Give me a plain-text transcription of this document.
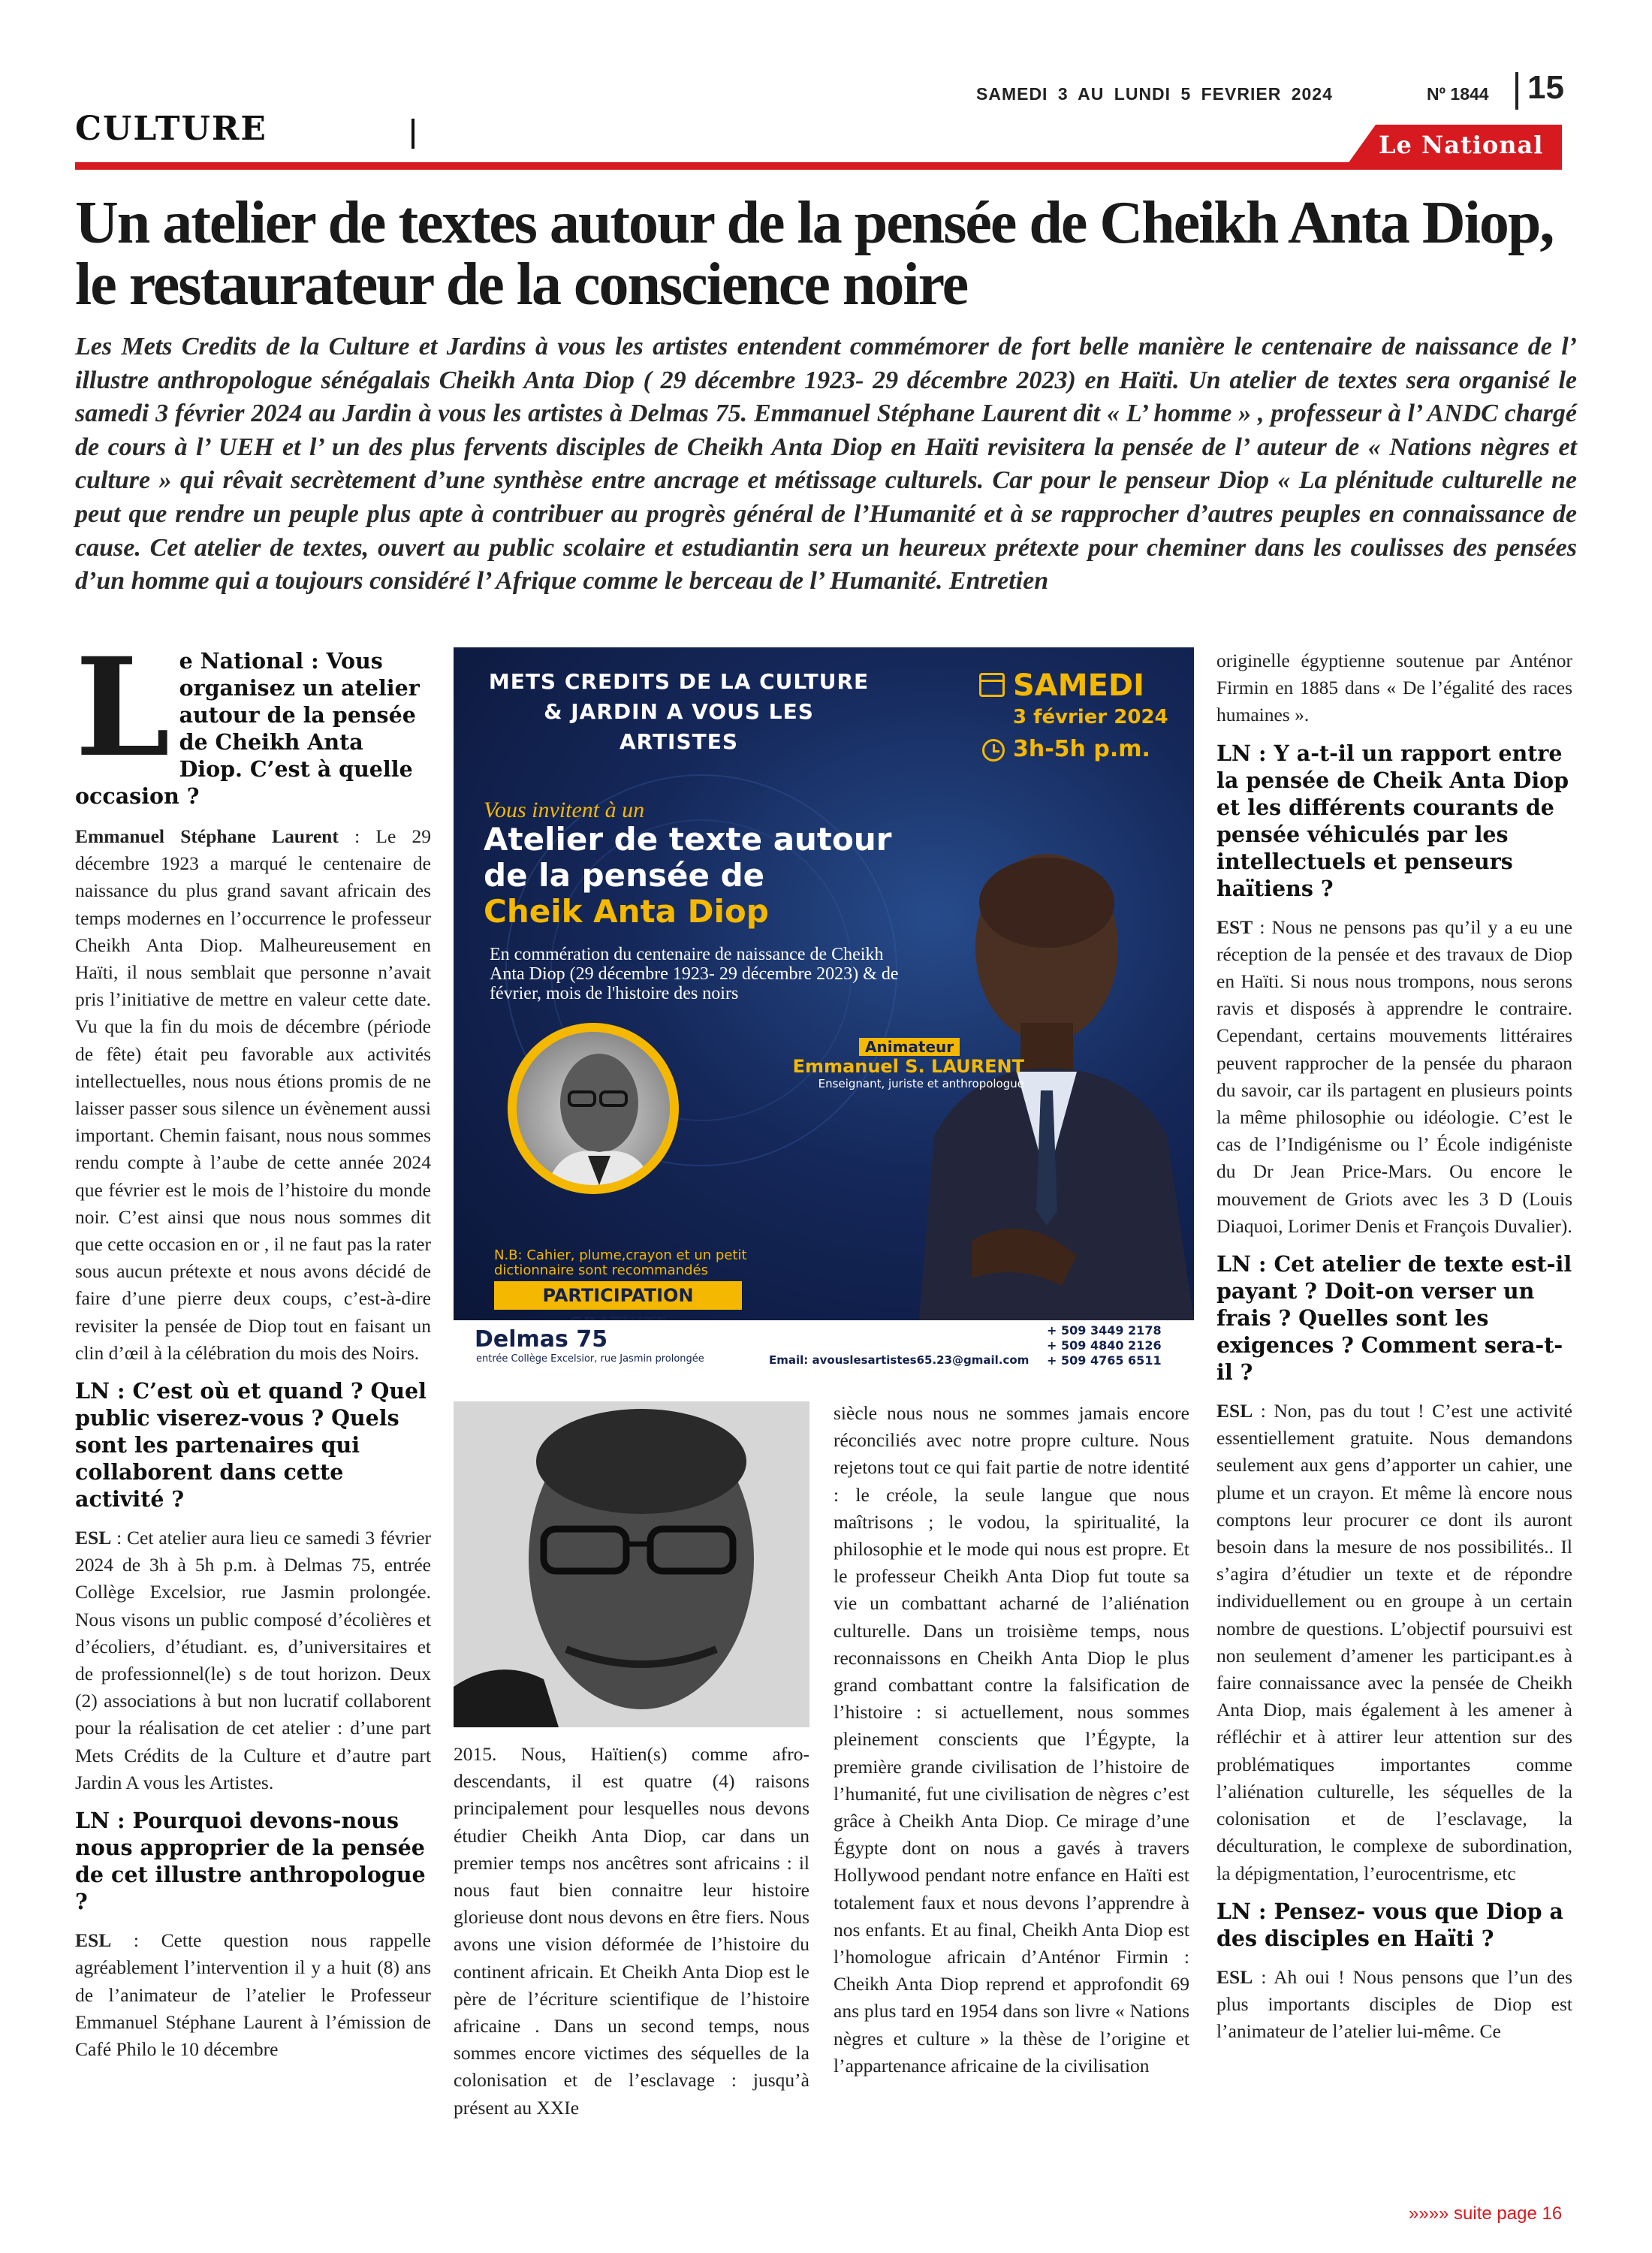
SAMEDI 3 AU LUNDI 5 FEVRIER 2024	Nº 1844 15
CULTURE	Le National
Un atelier de textes autour de la pensée de Cheikh Anta Diop, le restaurateur de la conscience noire

Les Mets Credits de la Culture et Jardins à vous les artistes entendent commémorer de fort belle manière le centenaire de naissance de l’ illustre anthropologue sénégalais Cheikh Anta Diop ( 29 décembre 1923- 29 décembre 2023) en Haïti. Un atelier de textes sera organisé le samedi 3 février 2024 au Jardin à vous les artistes à Delmas 75. Emmanuel Stéphane Laurent dit « L’ homme » , professeur à l’ ANDC chargé de cours à l’ UEH et l’ un des plus fervents disciples de Cheikh Anta Diop en Haïti revisitera la pensée de l’ auteur de « Nations nègres et culture » qui rêvait secrètement d’une synthèse entre ancrage et métissage culturels. Car pour le penseur Diop « La plénitude culturelle ne peut que rendre un peuple plus apte à contribuer au progrès général de l’Humanité et à se rapprocher d’autres peuples en connaissance de cause. Cet atelier de textes, ouvert au public scolaire et estudiantin sera un heureux prétexte pour cheminer dans les coulisses des pensées d’un homme qui a toujours considéré l’ Afrique comme le berceau de l’ Humanité. Entretien

Le National : Vous organisez un atelier autour de la pensée de Cheikh Anta Diop. C’est à quelle occasion ?

Emmanuel Stéphane Laurent : Le 29 décembre 1923 a marqué le centenaire de naissance du plus grand savant africain des temps modernes en l’occurrence le professeur Cheikh Anta Diop. Malheureusement en Haïti, il nous semblait que personne n’avait pris l’initiative de mettre en valeur cette date. Vu que la fin du mois de décembre (période de fête) était peu favorable aux activités intellectuelles, nous nous étions promis de ne laisser passer sous silence un évènement aussi important. Chemin faisant, nous nous sommes rendu compte à l’aube de cette année 2024 que février est le mois de l’histoire du monde noir. C’est ainsi que nous nous sommes dit que cette occasion en or , il ne faut pas la rater sous aucun prétexte et nous avons décidé de faire d’une pierre deux coups, c’est-à-dire revisiter la pensée de Diop tout en faisant un clin d’œil à la célébration du mois des Noirs.

LN : C’est où et quand ? Quel public viserez-vous ? Quels sont les partenaires qui collaborent dans cette activité ?

ESL : Cet atelier aura lieu ce samedi 3 février 2024 de 3h à 5h p.m. à Delmas 75, entrée Collège Excelsior, rue Jasmin prolongée. Nous visons un public composé d’écolières et d’écoliers, d’étudiant. es, d’universitaires et de professionnel(le) s de tout horizon. Deux (2) associations à but non lucratif collaborent pour la réalisation de cet atelier : d’une part Mets Crédits de la Culture et d’autre part Jardin A vous les Artistes.

LN : Pourquoi devons-nous nous approprier de la pensée de cet illustre anthropologue ?

ESL : Cette question nous rappelle agréablement l’intervention il y a huit (8) ans de l’animateur de l’atelier le Professeur Emmanuel Stéphane Laurent à l’émission de Café Philo le 10 décembre

METS CREDITS DE LA CULTURE & JARDIN A VOUS LES ARTISTES
SAMEDI
3 février 2024
3h-5h p.m.
Vous invitent à un
Atelier de texte autour
de la pensée de
Cheik Anta Diop
En commération du centenaire de naissance de Cheikh Anta Diop (29 décembre 1923- 29 décembre 2023) & de février, mois de l'histoire des noirs
Animateur
Emmanuel S. LAURENT
Enseignant, juriste et anthropologue
N.B: Cahier, plume,crayon et un petit dictionnaire sont recommandés
PARTICIPATION
Delmas 75
entrée Collège Excelsior, rue Jasmin prolongée	Email: avouslesartistes65.23@gmail.com
+ 509 3449 2178
+ 509 4840 2126
+ 509 4765 6511

2015. Nous, Haïtien(s) comme afro-descendants, il est quatre (4) raisons principalement pour lesquelles nous devons étudier Cheikh Anta Diop, car dans un premier temps nos ancêtres sont africains : il nous faut bien connaitre leur histoire glorieuse dont nous devons en être fiers. Nous avons une vision déformée de l’histoire du continent africain. Et Cheikh Anta Diop est le père de l’écriture scientifique de l’histoire africaine . Dans un second temps, nous sommes encore victimes des séquelles de la colonisation et de l’esclavage : jusqu’à présent au XXIe

siècle nous nous ne sommes jamais encore réconciliés avec notre propre culture. Nous rejetons tout ce qui fait partie de notre identité : le créole, la seule langue que nous maîtrisons ; le vodou, la spiritualité, la philosophie et le mode qui nous est propre. Et le professeur Cheikh Anta Diop fut toute sa vie un combattant acharné de l’aliénation culturelle. Dans un troisième temps, nous reconnaissons en Cheikh Anta Diop le plus grand combattant contre la falsification de l’histoire : si actuellement, nous sommes pleinement conscients que l’Égypte, la première grande civilisation de l’histoire de l’humanité, fut une civilisation de nègres c’est grâce à Cheikh Anta Diop. Ce mirage d’une Égypte dont on nous a gavés à travers Hollywood pendant notre enfance en Haïti est totalement faux et nous devons l’apprendre à nos enfants. Et au final, Cheikh Anta Diop est l’homologue africain d’Anténor Firmin : Cheikh Anta Diop reprend et approfondit 69 ans plus tard en 1954 dans son livre « Nations nègres et culture » la thèse de l’origine et l’appartenance africaine de la civilisation

originelle égyptienne soutenue par Anténor Firmin en 1885 dans « De l’égalité des races humaines ».

LN : Y a-t-il un rapport entre la pensée de Cheik Anta Diop et les différents courants de pensée véhiculés par les intellectuels et penseurs haïtiens ?

EST : Nous ne pensons pas qu’il y a eu une réception de la pensée et des travaux de Diop en Haïti. Si nous nous trompons, nous serons ravis et disposés à apprendre le contraire. Cependant, certains mouvements littéraires peuvent rapprocher de la pensée du pharaon du savoir, car ils partagent en plusieurs points la même philosophie ou idéologie. C’est le cas de l’Indigénisme ou l’ École indigéniste du Dr Jean Price-Mars. Ou encore le mouvement de Griots avec les 3 D (Louis Diaquoi, Lorimer Denis et François Duvalier).

LN : Cet atelier de texte est-il payant ? Doit-on verser un frais ? Quelles sont les exigences ? Comment sera-t-il ?

ESL : Non, pas du tout ! C’est une activité essentiellement gratuite. Nous demandons seulement aux gens d’apporter un cahier, une plume et un crayon. Et même là encore nous comptons leur procurer ce dont ils auront besoin dans la mesure de nos possibilités.. Il s’agira d’étudier un texte et de répondre individuellement ou en groupe à un certain nombre de questions. L’objectif poursuivi est non seulement d’amener les participant.es à faire connaissance avec la pensée de Cheikh Anta Diop, mais également à les amener à réfléchir et à attirer leur attention sur des problématiques importantes comme l’aliénation culturelle, les séquelles de la colonisation et de l’esclavage, la déculturation, le complexe de subordination, la dépigmentation, l’eurocentrisme, etc

LN : Pensez- vous que Diop a des disciples en Haïti ?

ESL : Ah oui ! Nous pensons que l’un des plus importants disciples de Diop est l’animateur de l’atelier lui-même. Ce

»»»» suite page 16
